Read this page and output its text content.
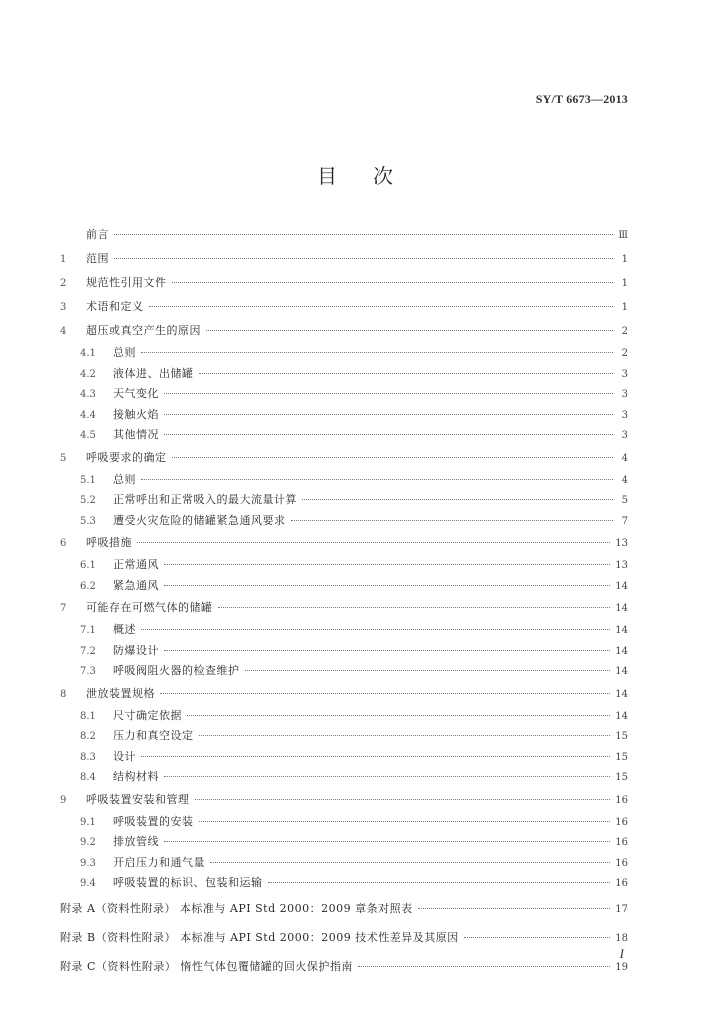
SY/T 6673—2013
目次
前言	Ⅲ
1	范围	1
2	规范性引用文件	1
3	术语和定义	1
4	超压或真空产生的原因	2
4.1	总则	2
4.2	液体进、出储罐	3
4.3	天气变化	3
4.4	接触火焰	3
4.5	其他情况	3
5	呼吸要求的确定	4
5.1	总则	4
5.2	正常呼出和正常吸入的最大流量计算	5
5.3	遭受火灾危险的储罐紧急通风要求	7
6	呼吸措施	13
6.1	正常通风	13
6.2	紧急通风	14
7	可能存在可燃气体的储罐	14
7.1	概述	14
7.2	防爆设计	14
7.3	呼吸阀阻火器的检查维护	14
8	泄放装置规格	14
8.1	尺寸确定依据	14
8.2	压力和真空设定	15
8.3	设计	15
8.4	结构材料	15
9	呼吸装置安装和管理	16
9.1	呼吸装置的安装	16
9.2	排放管线	16
9.3	开启压力和通气量	16
9.4	呼吸装置的标识、包装和运输	16
附录 A（资料性附录） 本标准与 API Std 2000：2009 章条对照表	17
附录 B（资料性附录） 本标准与 API Std 2000：2009 技术性差异及其原因	18
附录 C（资料性附录） 惰性气体包覆储罐的回火保护指南	19
I
